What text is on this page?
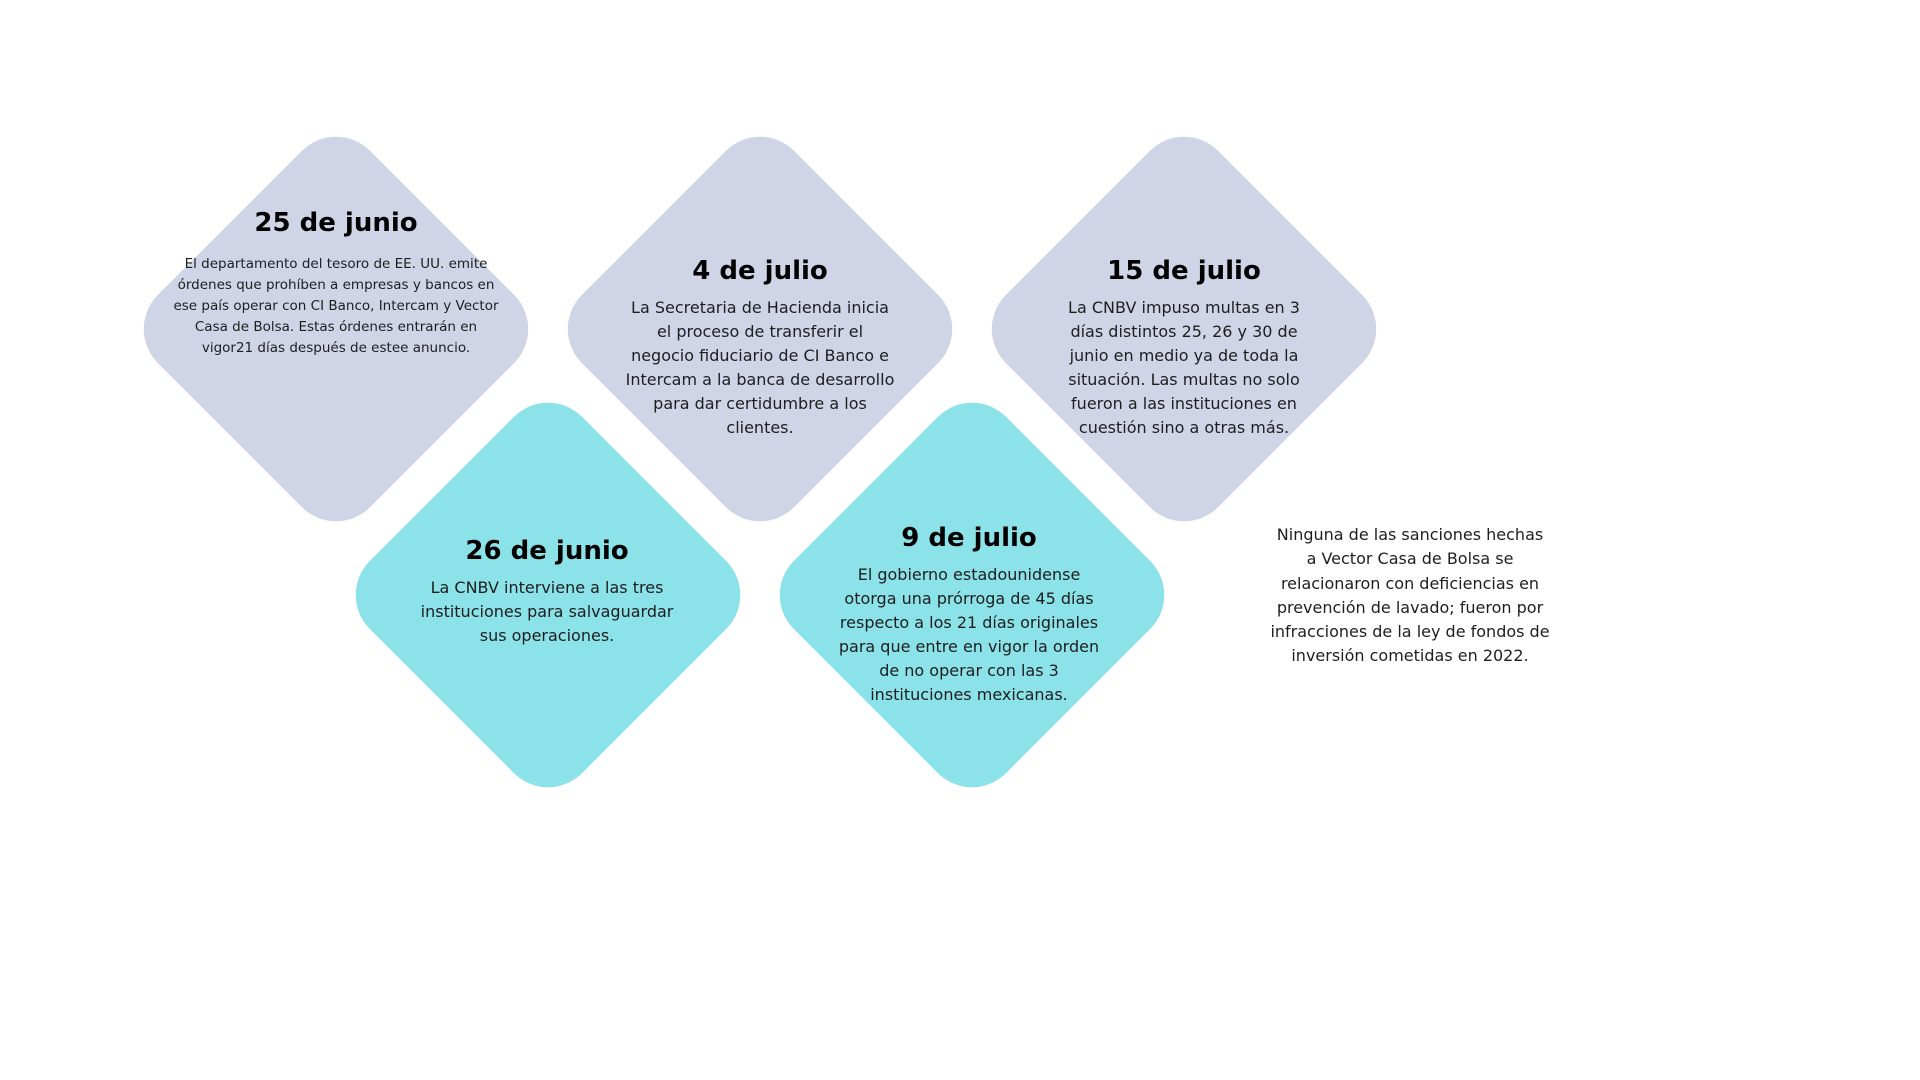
25 de junio

El departamento del tesoro de EE. UU. emite órdenes que prohíben a empresas y bancos en ese país operar con CI Banco, Intercam y Vector Casa de Bolsa. Estas órdenes entrarán en vigor21 días después de estee anuncio.

4 de julio

La Secretaria de Hacienda inicia el proceso de transferir el negocio fiduciario de CI Banco e Intercam a la banca de desarrollo para dar certidumbre a los clientes.

15 de julio

La CNBV impuso multas en 3 días distintos 25, 26 y 30 de junio en medio ya de toda la situación. Las multas no solo fueron a las instituciones en cuestión sino a otras más.

26 de junio

La CNBV interviene a las tres instituciones para salvaguardar sus operaciones.

9 de julio

El gobierno estadounidense otorga una prórroga de 45 días respecto a los 21 días originales para que entre en vigor la orden de no operar con las 3 instituciones mexicanas.

Ninguna de las sanciones hechas a Vector Casa de Bolsa se relacionaron con deficiencias en prevención de lavado; fueron por infracciones de la ley de fondos de inversión cometidas en 2022.
